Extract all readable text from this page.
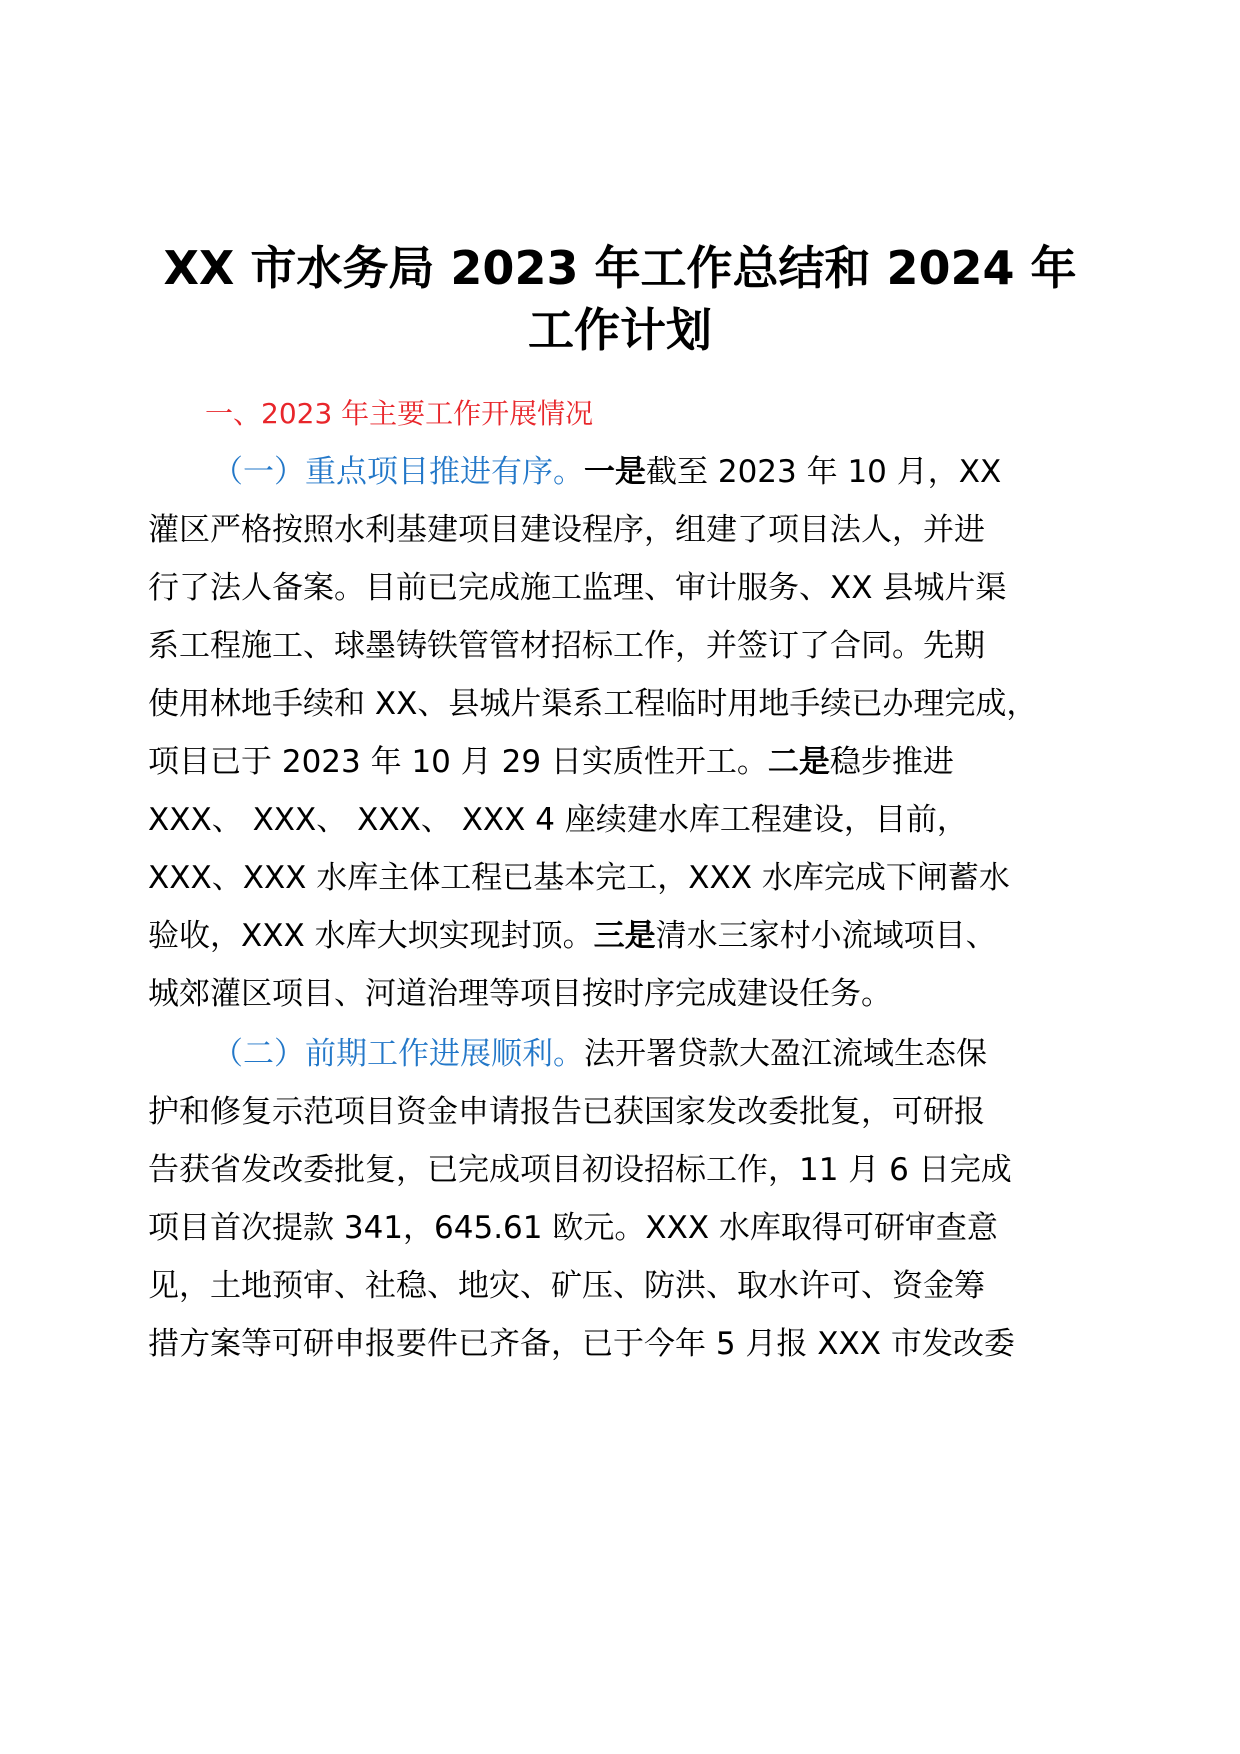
XX 市水务局 2023 年工作总结和 2024 年
工作计划
一、2023 年主要工作开展情况
（一）重点项目推进有序。一是截至 2023 年 10 月，XX
灌区严格按照水利基建项目建设程序，组建了项目法人，并进
行了法人备案。目前已完成施工监理、审计服务、XX 县城片渠
系工程施工、球墨铸铁管管材招标工作，并签订了合同。先期
使用林地手续和 XX、县城片渠系工程临时用地手续已办理完成，
项目已于 2023 年 10 月 29 日实质性开工。二是稳步推进
XXX、 XXX、 XXX、 XXX 4 座续建水库工程建设，目前，
XXX、XXX 水库主体工程已基本完工，XXX 水库完成下闸蓄水
验收，XXX 水库大坝实现封顶。三是清水三家村小流域项目、
城郊灌区项目、河道治理等项目按时序完成建设任务。
（二）前期工作进展顺利。法开署贷款大盈江流域生态保
护和修复示范项目资金申请报告已获国家发改委批复，可研报
告获省发改委批复，已完成项目初设招标工作，11 月 6 日完成
项目首次提款 341，645.61 欧元。XXX 水库取得可研审查意
见，土地预审、社稳、地灾、矿压、防洪、取水许可、资金筹
措方案等可研申报要件已齐备，已于今年 5 月报 XXX 市发改委
